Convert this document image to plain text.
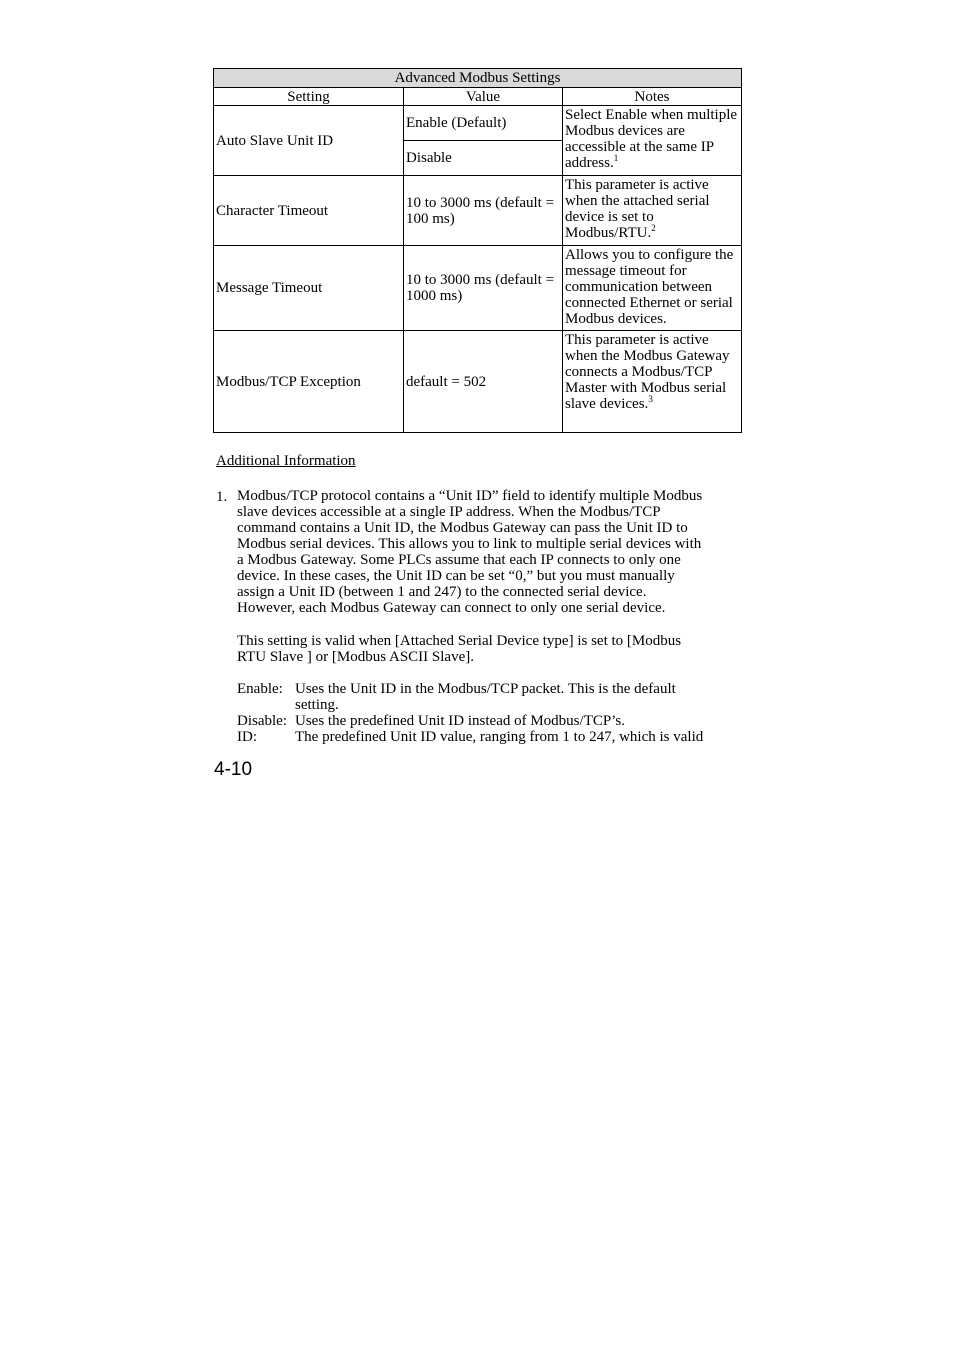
Advanced Modbus Settings		
Setting	Value	Notes
Auto Slave Unit ID	Enable (Default)	Select Enable when multiple Modbus devices are accessible at the same IP address.$^1$
	Disable	
Character Timeout	10 to 3000 ms (default = 100 ms)	This parameter is active when the attached serial device is set to Modbus/RTU.$^2$
Message Timeout	10 to 3000 ms (default = 1000 ms)	Allows you to configure the message timeout for communication between connected Ethernet or serial Modbus devices.
Modbus/TCP Exception	default = 502	This parameter is active when the Modbus Gateway connects a Modbus/TCP Master with Modbus serial slave devices.$^3$
Additional Information
1. Modbus/TCP protocol contains a “Unit ID” field to identify multiple Modbus
slave devices accessible at a single IP address. When the Modbus/TCP
command contains a Unit ID, the Modbus Gateway can pass the Unit ID to
Modbus serial devices. This allows you to link to multiple serial devices with
a Modbus Gateway. Some PLCs assume that each IP connects to only one
device. In these cases, the Unit ID can be set “0,” but you must manually
assign a Unit ID (between 1 and 247) to the connected serial device.
However, each Modbus Gateway can connect to only one serial device.
This setting is valid when [Attached Serial Device type] is set to [Modbus
RTU Slave ] or [Modbus ASCII Slave].
Enable: Uses the Unit ID in the Modbus/TCP packet. This is the default
setting.
Disable: Uses the predefined Unit ID instead of Modbus/TCP’s.
ID:	The predefined Unit ID value, ranging from 1 to 247, which is valid
4-10
